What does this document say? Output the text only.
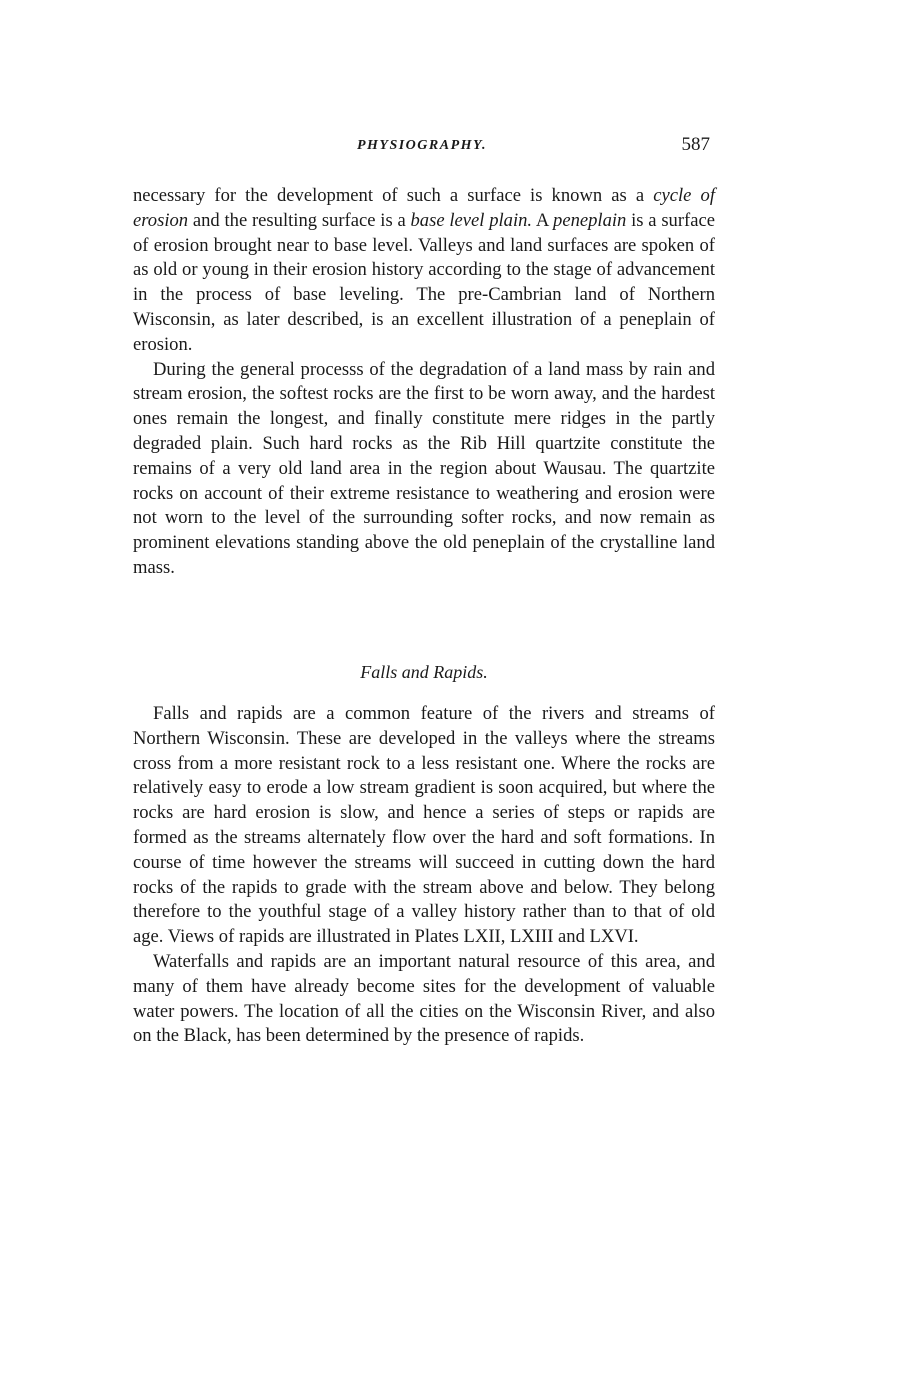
PHYSIOGRAPHY.	587

necessary for the development of such a surface is known as a cycle of erosion and the resulting surface is a base level plain. A peneplain is a surface of erosion brought near to base level. Valleys and land surfaces are spoken of as old or young in their erosion history according to the stage of advancement in the process of base leveling. The pre-Cambrian land of Northern Wisconsin, as later described, is an excellent illustration of a peneplain of erosion.

During the general processs of the degradation of a land mass by rain and stream erosion, the softest rocks are the first to be worn away, and the hardest ones remain the longest, and finally constitute mere ridges in the partly degraded plain. Such hard rocks as the Rib Hill quartzite constitute the remains of a very old land area in the region about Wausau. The quartzite rocks on account of their extreme resistance to weathering and erosion were not worn to the level of the surrounding softer rocks, and now remain as prominent elevations standing above the old peneplain of the crystalline land mass.

Falls and Rapids.

Falls and rapids are a common feature of the rivers and streams of Northern Wisconsin. These are developed in the valleys where the streams cross from a more resistant rock to a less resistant one. Where the rocks are relatively easy to erode a low stream gradient is soon acquired, but where the rocks are hard erosion is slow, and hence a series of steps or rapids are formed as the streams alternately flow over the hard and soft formations. In course of time however the streams will succeed in cutting down the hard rocks of the rapids to grade with the stream above and below. They belong therefore to the youthful stage of a valley history rather than to that of old age. Views of rapids are illustrated in Plates LXII, LXIII and LXVI.

Waterfalls and rapids are an important natural resource of this area, and many of them have already become sites for the development of valuable water powers. The location of all the cities on the Wisconsin River, and also on the Black, has been determined by the presence of rapids.
